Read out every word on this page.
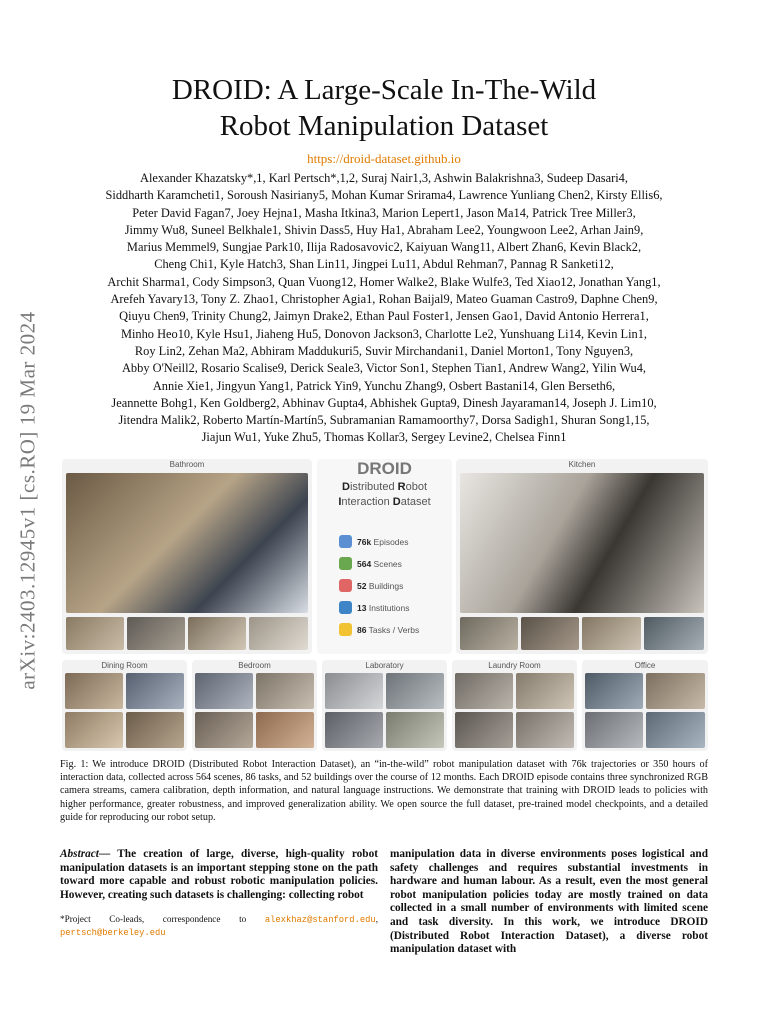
arXiv:2403.12945v1 [cs.RO] 19 Mar 2024
DROID: A Large-Scale In-The-Wild
Robot Manipulation Dataset
https://droid-dataset.github.io
Alexander Khazatsky*,1, Karl Pertsch*,1,2, Suraj Nair1,3, Ashwin Balakrishna3, Sudeep Dasari4,
Siddharth Karamcheti1, Soroush Nasiriany5, Mohan Kumar Srirama4, Lawrence Yunliang Chen2, Kirsty Ellis6,
Peter David Fagan7, Joey Hejna1, Masha Itkina3, Marion Lepert1, Jason Ma14, Patrick Tree Miller3,
Jimmy Wu8, Suneel Belkhale1, Shivin Dass5, Huy Ha1, Abraham Lee2, Youngwoon Lee2, Arhan Jain9,
Marius Memmel9, Sungjae Park10, Ilija Radosavovic2, Kaiyuan Wang11, Albert Zhan6, Kevin Black2,
Cheng Chi1, Kyle Hatch3, Shan Lin11, Jingpei Lu11, Abdul Rehman7, Pannag R Sanketi12,
Archit Sharma1, Cody Simpson3, Quan Vuong12, Homer Walke2, Blake Wulfe3, Ted Xiao12, Jonathan Yang1,
Arefeh Yavary13, Tony Z. Zhao1, Christopher Agia1, Rohan Baijal9, Mateo Guaman Castro9, Daphne Chen9,
Qiuyu Chen9, Trinity Chung2, Jaimyn Drake2, Ethan Paul Foster1, Jensen Gao1, David Antonio Herrera1,
Minho Heo10, Kyle Hsu1, Jiaheng Hu5, Donovon Jackson3, Charlotte Le2, Yunshuang Li14, Kevin Lin1,
Roy Lin2, Zehan Ma2, Abhiram Maddukuri5, Suvir Mirchandani1, Daniel Morton1, Tony Nguyen3,
Abby O'Neill2, Rosario Scalise9, Derick Seale3, Victor Son1, Stephen Tian1, Andrew Wang2, Yilin Wu4,
Annie Xie1, Jingyun Yang1, Patrick Yin9, Yunchu Zhang9, Osbert Bastani14, Glen Berseth6,
Jeannette Bohg1, Ken Goldberg2, Abhinav Gupta4, Abhishek Gupta9, Dinesh Jayaraman14, Joseph J. Lim10,
Jitendra Malik2, Roberto Martín-Martín5, Subramanian Ramamoorthy7, Dorsa Sadigh1, Shuran Song1,15,
Jiajun Wu1, Yuke Zhu5, Thomas Kollar3, Sergey Levine2, Chelsea Finn1
Bathroom	DROID
Distributed Robot
Interaction Dataset
76k Episodes
564 Scenes
52 Buildings
13 Institutions
86 Tasks / Verbs
Kitchen
Dining Room	Bedroom	Laboratory	Laundry Room	Office
Fig. 1: We introduce DROID (Distributed Robot Interaction Dataset), an “in-the-wild” robot manipulation dataset with 76k trajectories or 350 hours of interaction data, collected across 564 scenes, 86 tasks, and 52 buildings over the course of 12 months. Each DROID episode contains three synchronized RGB camera streams, camera calibration, depth information, and natural language instructions. We demonstrate that training with DROID leads to policies with higher performance, greater robustness, and improved generalization ability. We open source the full dataset, pre-trained model checkpoints, and a detailed guide for reproducing our robot setup.
Abstract— The creation of large, diverse, high-quality robot manipulation datasets is an important stepping stone on the path toward more capable and robust robotic manipulation policies. However, creating such datasets is challenging: collecting robot
*Project Co-leads, correspondence to alexkhaz@stanford.edu, pertsch@berkeley.edu
manipulation data in diverse environments poses logistical and safety challenges and requires substantial investments in hardware and human labour. As a result, even the most general robot manipulation policies today are mostly trained on data collected in a small number of environments with limited scene and task diversity. In this work, we introduce DROID (Distributed Robot Interaction Dataset), a diverse robot manipulation dataset with
